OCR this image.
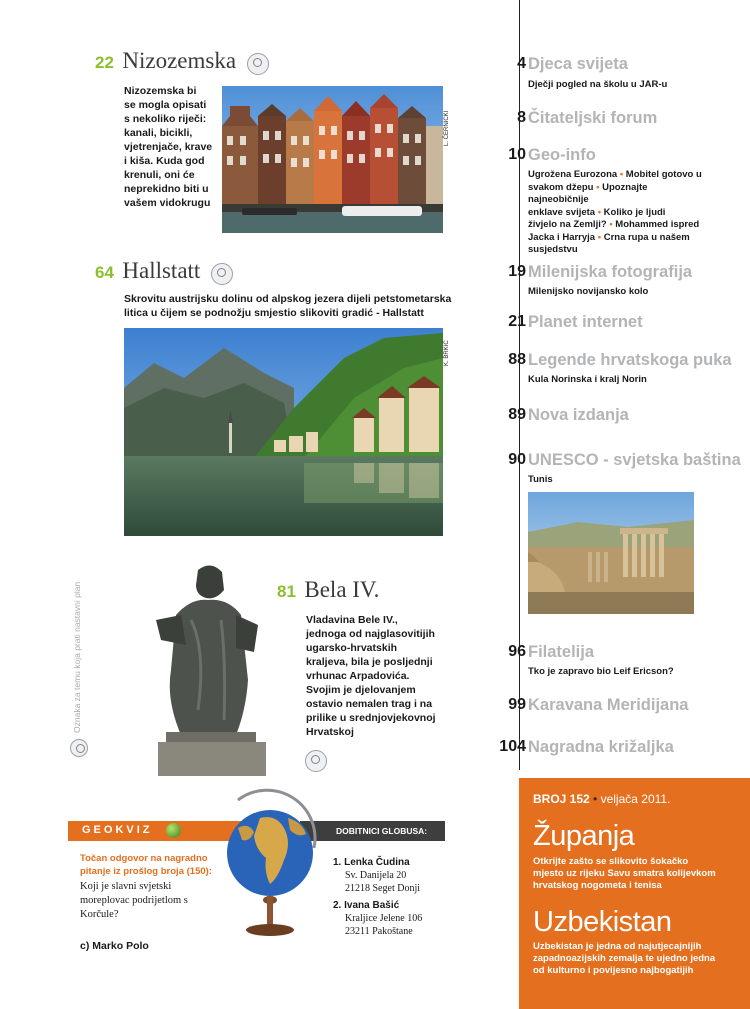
22 Nizozemska
Nizozemska bi
se mogla opisati
s nekoliko riječi:
kanali, bicikli,
vjetrenjače, krave
i kiša. Kuda god
krenuli, oni će
neprekidno biti u
vašem vidokrugu
L. ČERNICKI
64 Hallstatt
Skrovitu austrijsku dolinu od alpskog jezera dijeli petstometarska
litica u čijem se podnožju smjestio slikoviti gradić - Hallstatt
K. BRKIĆ
Oznaka za temu koja prati nastavni plan	81 Bela IV.
Vladavina Bele IV.,
jednoga od najglasovitijih
ugarsko-hrvatskih
kraljeva, bila je posljednji
vrhunac Arpadovića.
Svojim je djelovanjem
ostavio nemalen trag i na
prilike u srednjovjekovnoj
Hrvatskoj
4 Djeca svijeta
Dječji pogled na školu u JAR-u
8 Čitateljski forum
10 Geo-info
Ugrožena Eurozona • Mobitel gotovo u
svakom džepu • Upoznajte najneobičnije
enklave svijeta • Koliko je ljudi
živjelo na Zemlji? • Mohammed ispred
Jacka i Harryja • Crna rupa u našem
susjedstvu
19 Milenijska fotografija
Milenijsko novijansko kolo
21 Planet internet
88 Legende hrvatskoga puka
Kula Norinska i kralj Norin
89 Nova izdanja
90 UNESCO - svjetska baština
Tunis
96 Filatelija
Tko je zapravo bio Leif Ericson?
99 Karavana Meridijana
104 Nagradna križaljka
BROJ 152 • veljača 2011.
Županja
Otkrijte zašto se slikovito šokačko
mjesto uz rijeku Savu smatra kolijevkom
hrvatskog nogometa i tenisa
Uzbekistan
Uzbekistan je jedna od najutjecajnijih
zapadnoazijskih zemalja te ujedno jedna
od kulturno i povijesno najbogatijih
GEOKVIZ	DOBITNICI GLOBUSA:
Točan odgovor na nagradno
pitanje iz prošlog broja (150):
Koji je slavni svjetski
moreplovac podrijetlom s
Korčule?
c) Marko Polo
1. Lenka Čudina
Sv. Danijela 20
21218 Seget Donji
2. Ivana Bašić
Kraljice Jelene 106
23211 Pakoštane
